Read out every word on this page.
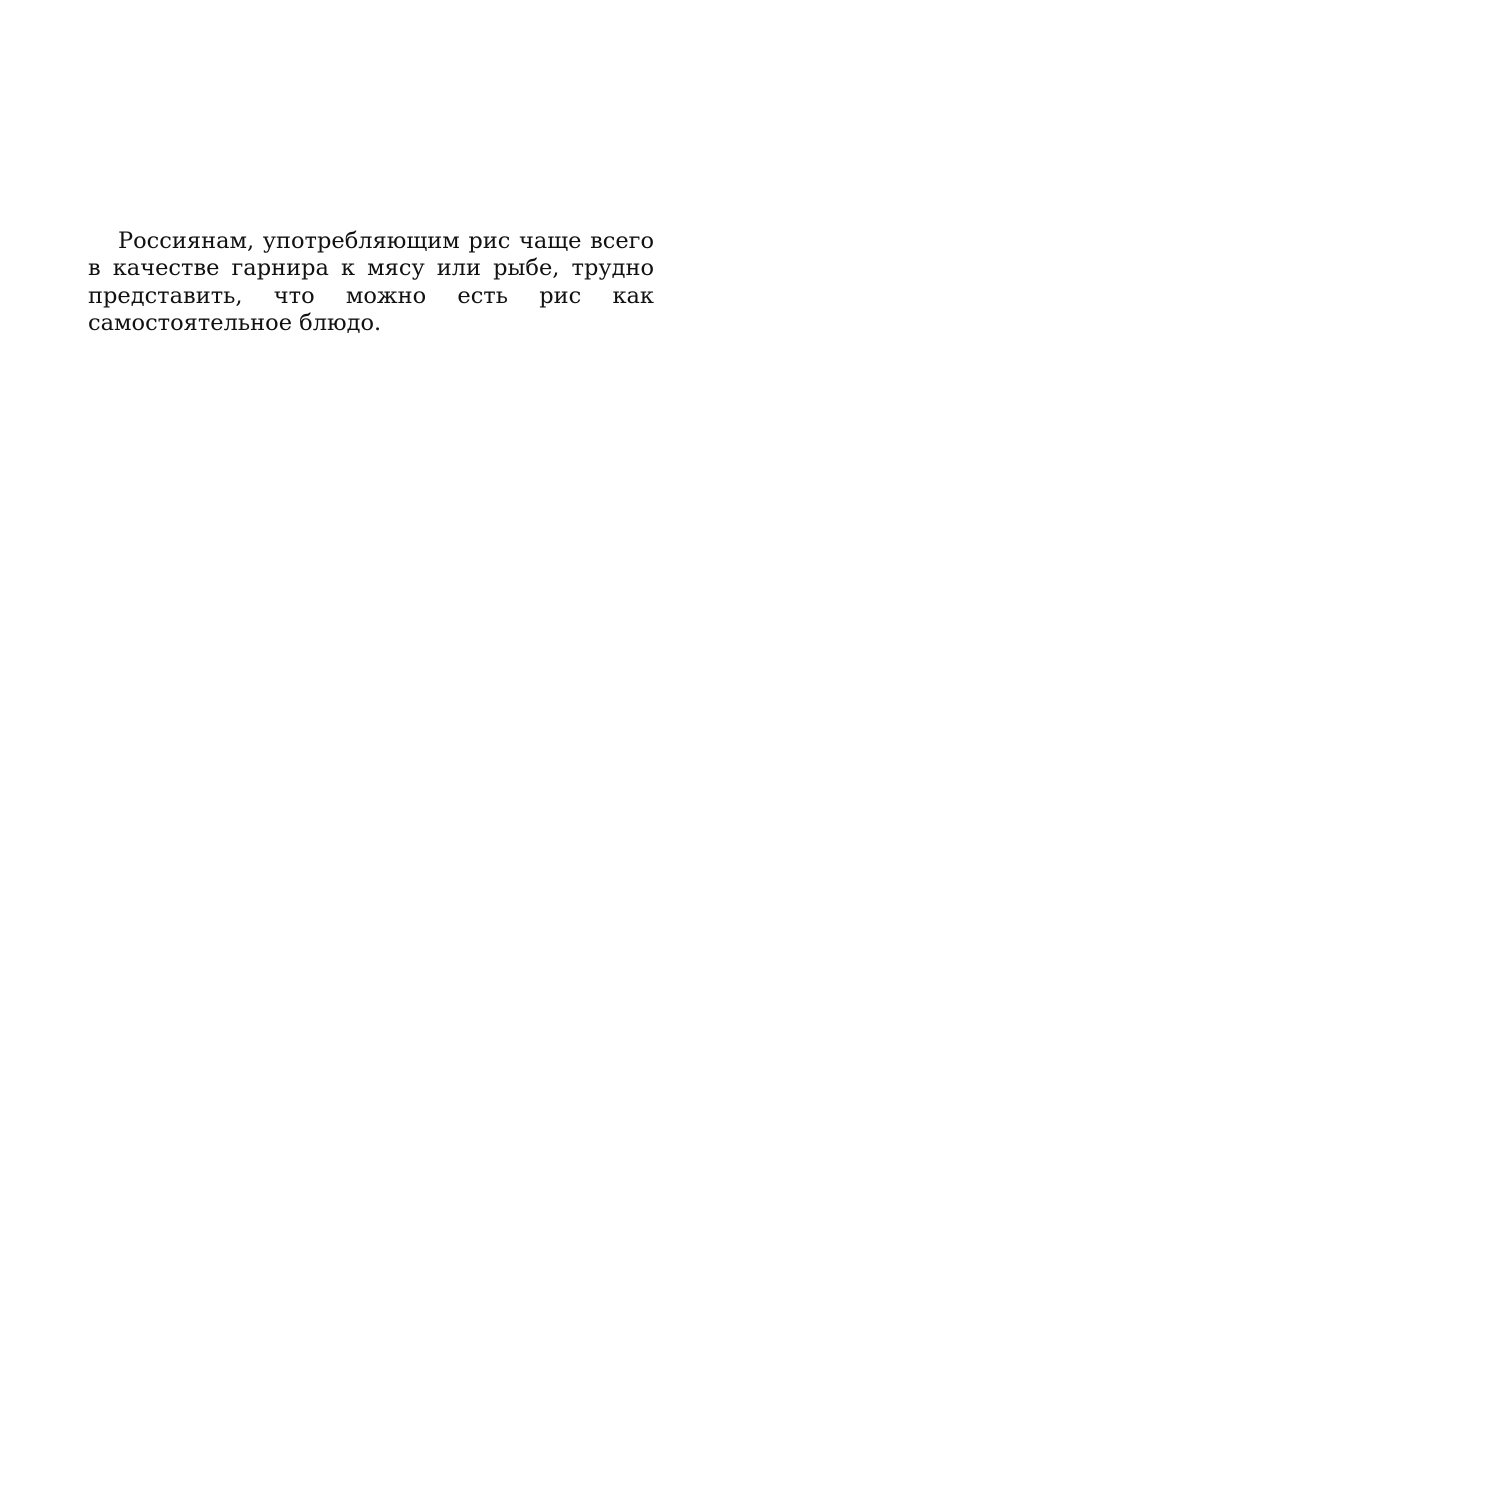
Россиянам, употребляющим рис чаще всего в качестве гарнира к мясу или рыбе, трудно представить, что можно есть рис как самостоятельное блюдо.
